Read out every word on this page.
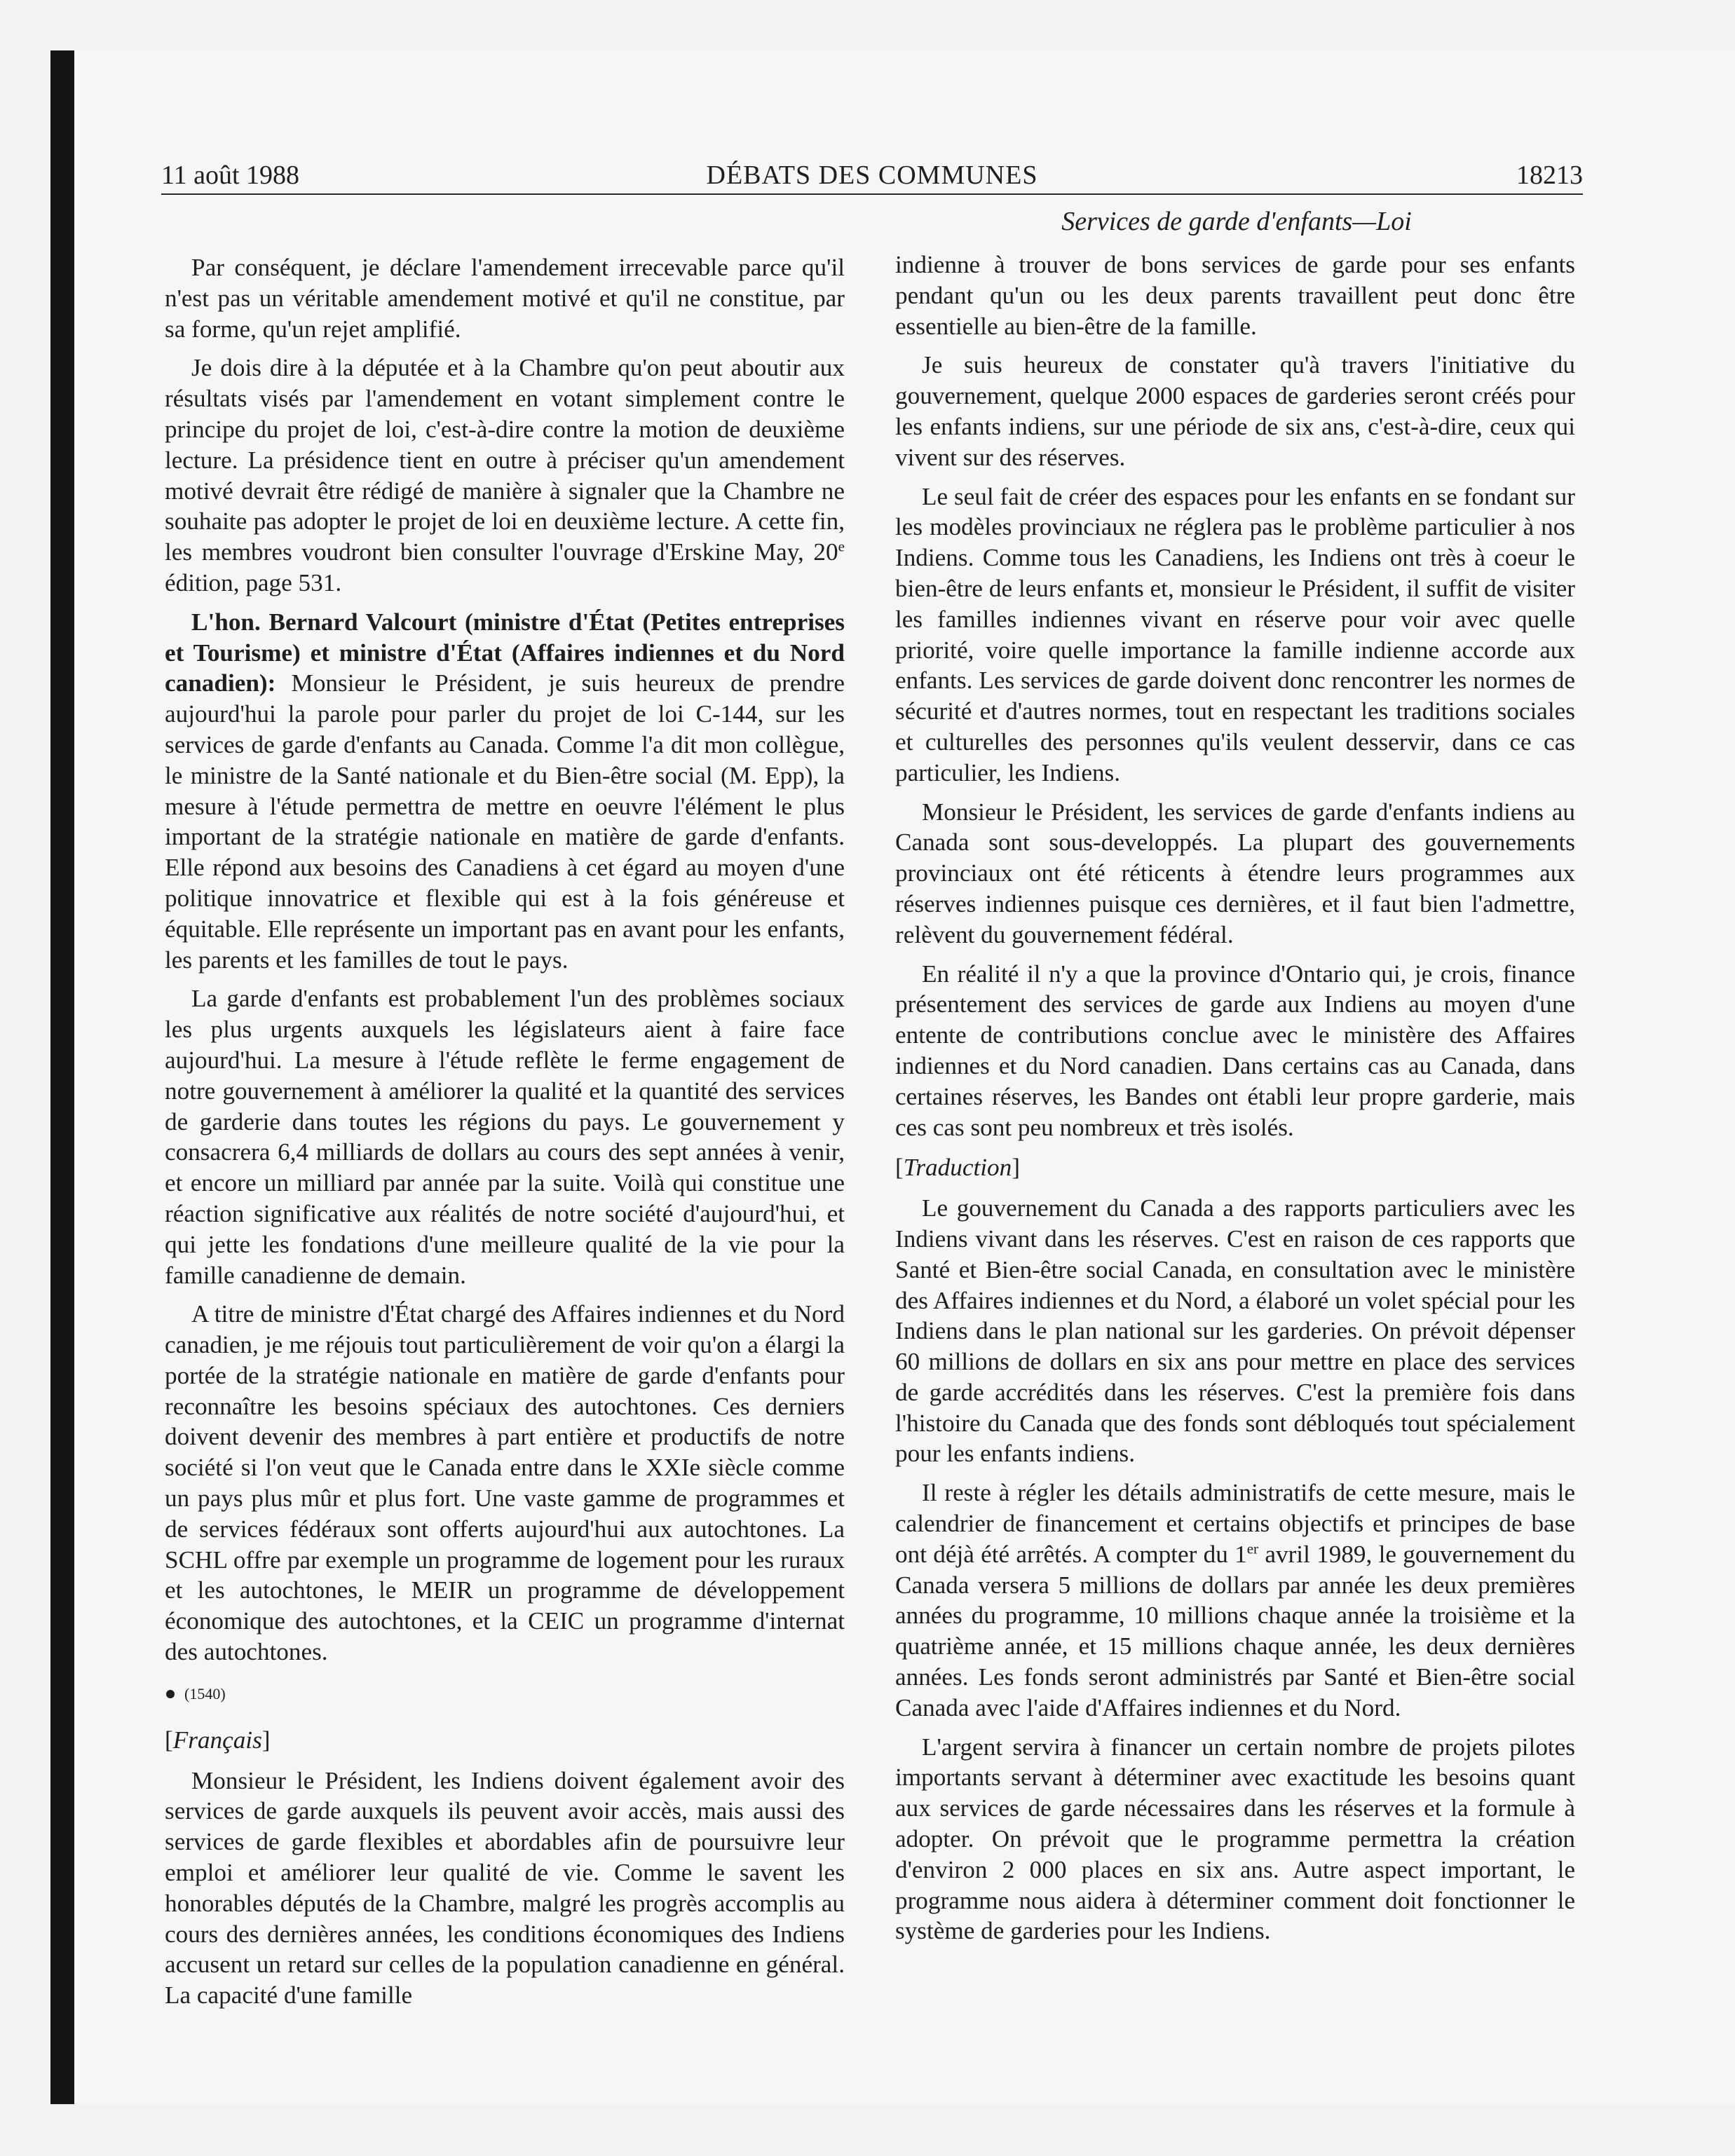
11 août 1988	DÉBATS DES COMMUNES	18213
Services de garde d'enfants—Loi

Par conséquent, je déclare l'amendement irrecevable parce qu'il n'est pas un véritable amendement motivé et qu'il ne constitue, par sa forme, qu'un rejet amplifié.

Je dois dire à la députée et à la Chambre qu'on peut aboutir aux résultats visés par l'amendement en votant simplement contre le principe du projet de loi, c'est-à-dire contre la motion de deuxième lecture. La présidence tient en outre à préciser qu'un amendement motivé devrait être rédigé de manière à signaler que la Chambre ne souhaite pas adopter le projet de loi en deuxième lecture. A cette fin, les membres voudront bien consulter l'ouvrage d'Erskine May, 20e édition, page 531.

L'hon. Bernard Valcourt (ministre d'État (Petites entreprises et Tourisme) et ministre d'État (Affaires indiennes et du Nord canadien): Monsieur le Président, je suis heureux de prendre aujourd'hui la parole pour parler du projet de loi C-144, sur les services de garde d'enfants au Canada. Comme l'a dit mon collègue, le ministre de la Santé nationale et du Bien-être social (M. Epp), la mesure à l'étude permettra de mettre en oeuvre l'élément le plus important de la stratégie nationale en matière de garde d'enfants. Elle répond aux besoins des Canadiens à cet égard au moyen d'une politique innovatrice et flexible qui est à la fois généreuse et équitable. Elle représente un important pas en avant pour les enfants, les parents et les familles de tout le pays.

La garde d'enfants est probablement l'un des problèmes sociaux les plus urgents auxquels les législateurs aient à faire face aujourd'hui. La mesure à l'étude reflète le ferme engagement de notre gouvernement à améliorer la qualité et la quantité des services de garderie dans toutes les régions du pays. Le gouvernement y consacrera 6,4 milliards de dollars au cours des sept années à venir, et encore un milliard par année par la suite. Voilà qui constitue une réaction significative aux réalités de notre société d'aujourd'hui, et qui jette les fondations d'une meilleure qualité de la vie pour la famille canadienne de demain.

A titre de ministre d'État chargé des Affaires indiennes et du Nord canadien, je me réjouis tout particulièrement de voir qu'on a élargi la portée de la stratégie nationale en matière de garde d'enfants pour reconnaître les besoins spéciaux des autochtones. Ces derniers doivent devenir des membres à part entière et productifs de notre société si l'on veut que le Canada entre dans le XXIe siècle comme un pays plus mûr et plus fort. Une vaste gamme de programmes et de services fédéraux sont offerts aujourd'hui aux autochtones. La SCHL offre par exemple un programme de logement pour les ruraux et les autochtones, le MEIR un programme de développement économique des autochtones, et la CEIC un programme d'internat des autochtones.

(1540)

[Français]

Monsieur le Président, les Indiens doivent également avoir des services de garde auxquels ils peuvent avoir accès, mais aussi des services de garde flexibles et abordables afin de poursuivre leur emploi et améliorer leur qualité de vie. Comme le savent les honorables députés de la Chambre, malgré les progrès accomplis au cours des dernières années, les conditions économiques des Indiens accusent un retard sur celles de la population canadienne en général. La capacité d'une famille

indienne à trouver de bons services de garde pour ses enfants pendant qu'un ou les deux parents travaillent peut donc être essentielle au bien-être de la famille.

Je suis heureux de constater qu'à travers l'initiative du gouvernement, quelque 2000 espaces de garderies seront créés pour les enfants indiens, sur une période de six ans, c'est-à-dire, ceux qui vivent sur des réserves.

Le seul fait de créer des espaces pour les enfants en se fondant sur les modèles provinciaux ne réglera pas le problème particulier à nos Indiens. Comme tous les Canadiens, les Indiens ont très à coeur le bien-être de leurs enfants et, monsieur le Président, il suffit de visiter les familles indiennes vivant en réserve pour voir avec quelle priorité, voire quelle importance la famille indienne accorde aux enfants. Les services de garde doivent donc rencontrer les normes de sécurité et d'autres normes, tout en respectant les traditions sociales et culturelles des personnes qu'ils veulent desservir, dans ce cas particulier, les Indiens.

Monsieur le Président, les services de garde d'enfants indiens au Canada sont sous-developpés. La plupart des gouvernements provinciaux ont été réticents à étendre leurs programmes aux réserves indiennes puisque ces dernières, et il faut bien l'admettre, relèvent du gouvernement fédéral.

En réalité il n'y a que la province d'Ontario qui, je crois, finance présentement des services de garde aux Indiens au moyen d'une entente de contributions conclue avec le ministère des Affaires indiennes et du Nord canadien. Dans certains cas au Canada, dans certaines réserves, les Bandes ont établi leur propre garderie, mais ces cas sont peu nombreux et très isolés.

[Traduction]

Le gouvernement du Canada a des rapports particuliers avec les Indiens vivant dans les réserves. C'est en raison de ces rapports que Santé et Bien-être social Canada, en consultation avec le ministère des Affaires indiennes et du Nord, a élaboré un volet spécial pour les Indiens dans le plan national sur les garderies. On prévoit dépenser 60 millions de dollars en six ans pour mettre en place des services de garde accrédités dans les réserves. C'est la première fois dans l'histoire du Canada que des fonds sont débloqués tout spécialement pour les enfants indiens.

Il reste à régler les détails administratifs de cette mesure, mais le calendrier de financement et certains objectifs et principes de base ont déjà été arrêtés. A compter du 1er avril 1989, le gouvernement du Canada versera 5 millions de dollars par année les deux premières années du programme, 10 millions chaque année la troisième et la quatrième année, et 15 millions chaque année, les deux dernières années. Les fonds seront administrés par Santé et Bien-être social Canada avec l'aide d'Affaires indiennes et du Nord.

L'argent servira à financer un certain nombre de projets pilotes importants servant à déterminer avec exactitude les besoins quant aux services de garde nécessaires dans les réserves et la formule à adopter. On prévoit que le programme permettra la création d'environ 2 000 places en six ans. Autre aspect important, le programme nous aidera à déterminer comment doit fonctionner le système de garderies pour les Indiens.
